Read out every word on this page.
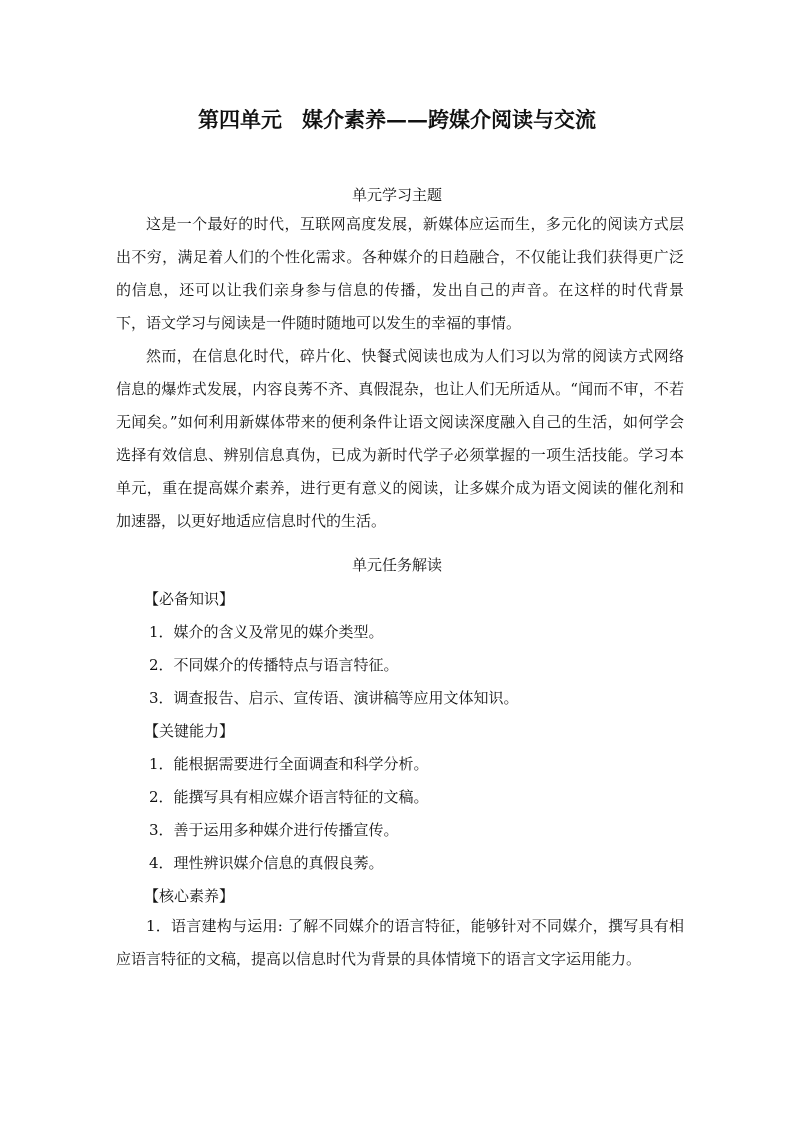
第四单元 媒介素养——跨媒介阅读与交流
单元学习主题
这是一个最好的时代，互联网高度发展，新媒体应运而生，多元化的阅读方式层出不穷，满足着人们的个性化需求。各种媒介的日趋融合，不仅能让我们获得更广泛的信息，还可以让我们亲身参与信息的传播，发出自己的声音。在这样的时代背景下，语文学习与阅读是一件随时随地可以发生的幸福的事情。
然而，在信息化时代，碎片化、快餐式阅读也成为人们习以为常的阅读方式网络信息的爆炸式发展，内容良莠不齐、真假混杂，也让人们无所适从。“闻而不审，不若无闻矣。”如何利用新媒体带来的便利条件让语文阅读深度融入自己的生活，如何学会选择有效信息、辨别信息真伪，已成为新时代学子必须掌握的一项生活技能。学习本单元，重在提高媒介素养，进行更有意义的阅读，让多媒介成为语文阅读的催化剂和加速器，以更好地适应信息时代的生活。
单元任务解读
【必备知识】
1．媒介的含义及常见的媒介类型。
2．不同媒介的传播特点与语言特征。
3．调查报告、启示、宣传语、演讲稿等应用文体知识。
【关键能力】
1．能根据需要进行全面调查和科学分析。
2．能撰写具有相应媒介语言特征的文稿。
3．善于运用多种媒介进行传播宣传。
4．理性辨识媒介信息的真假良莠。
【核心素养】
1．语言建构与运用: 了解不同媒介的语言特征，能够针对不同媒介，撰写具有相应语言特征的文稿，提高以信息时代为背景的具体情境下的语言文字运用能力。
